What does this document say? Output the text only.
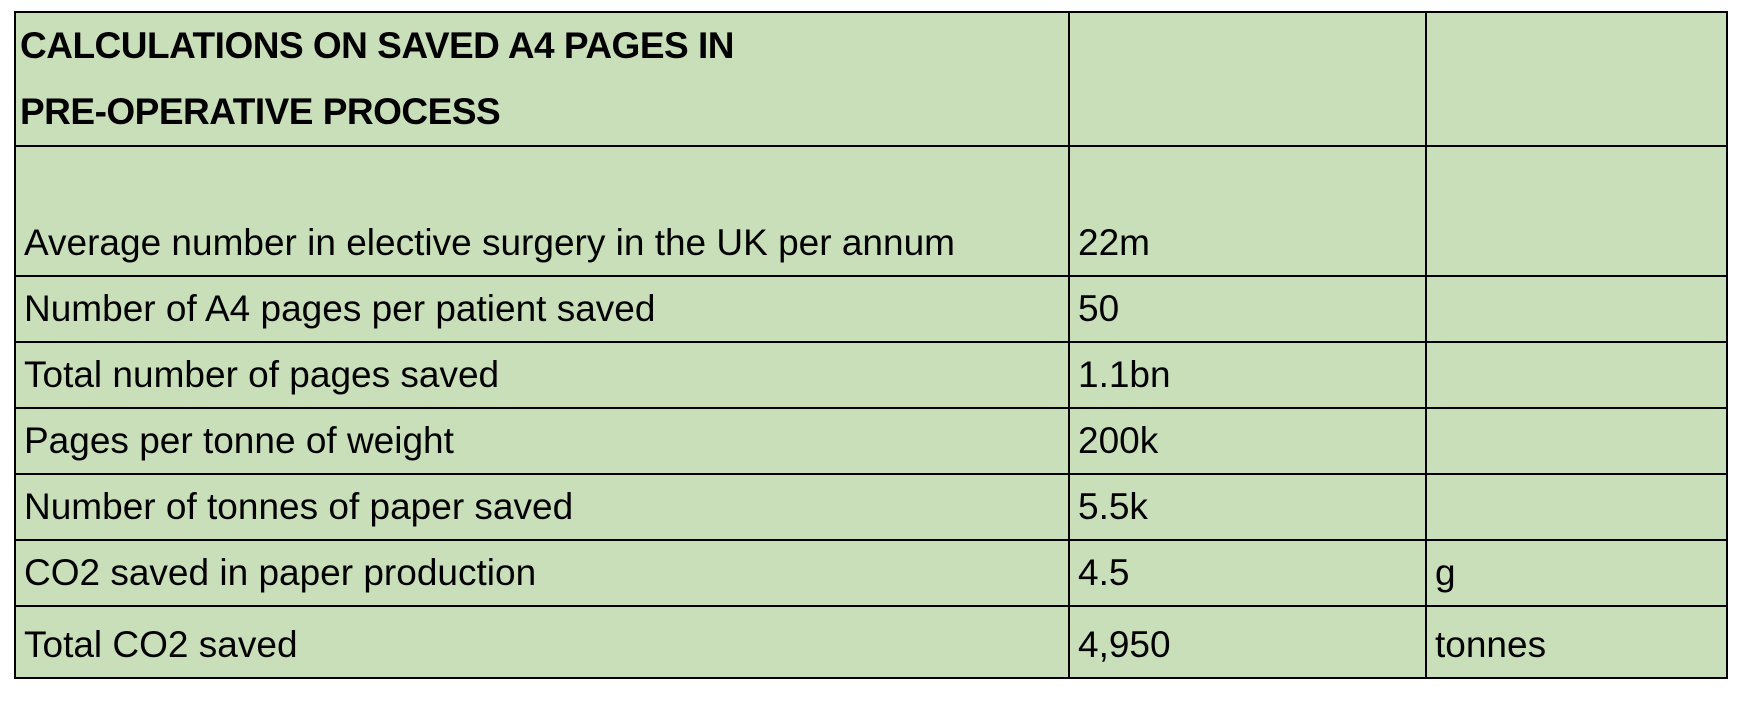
CALCULATIONS ON SAVED A4 PAGES IN
PRE-OPERATIVE PROCESS		

Average number in elective surgery in the UK per annum	22m	
Number of A4 pages per patient saved	50	
Total number of pages saved	1.1bn	
Pages per tonne of weight	200k	
Number of tonnes of paper saved	5.5k	
CO2 saved in paper production	4.5	g
Total CO2 saved	4,950	tonnes
